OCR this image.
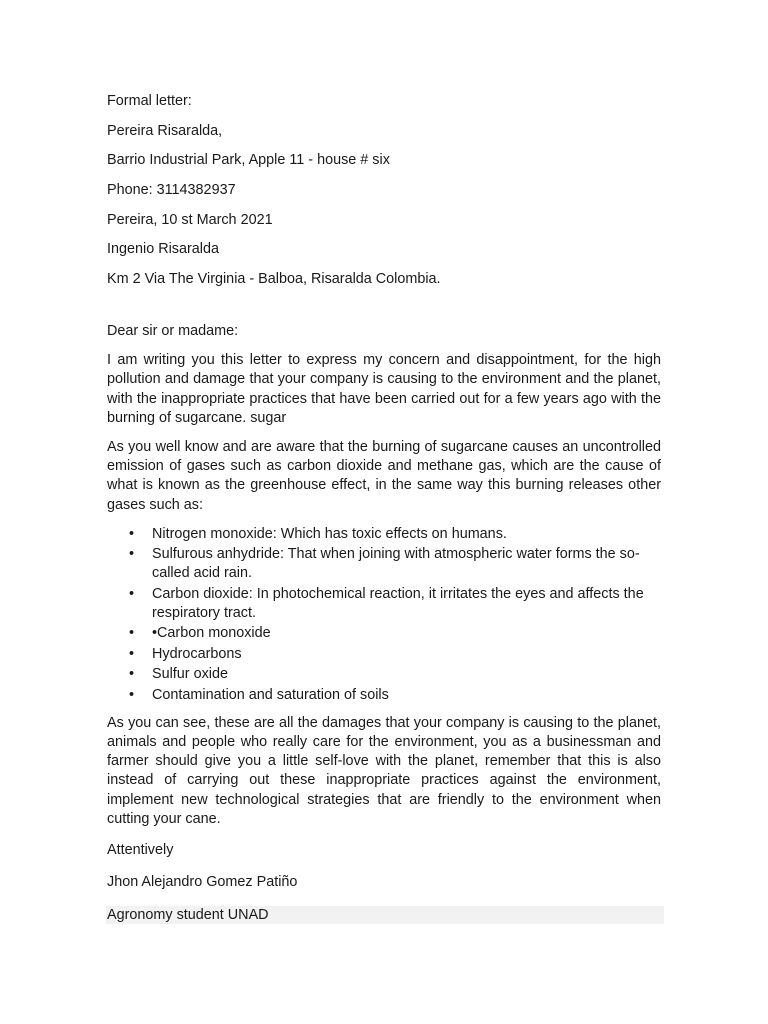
Formal letter:

Pereira Risaralda,

Barrio Industrial Park, Apple 11 - house # six

Phone: 3114382937

Pereira, 10 st March 2021

Ingenio Risaralda

Km 2 Via The Virginia - Balboa, Risaralda Colombia.

Dear sir or madame:

I am writing you this letter to express my concern and disappointment, for the high pollution and damage that your company is causing to the environment and the planet, with the inappropriate practices that have been carried out for a few years ago with the burning of sugarcane. sugar

As you well know and are aware that the burning of sugarcane causes an uncontrolled emission of gases such as carbon dioxide and methane gas, which are the cause of what is known as the greenhouse effect, in the same way this burning releases other gases such as:

• Nitrogen monoxide: Which has toxic effects on humans.
• Sulfurous anhydride: That when joining with atmospheric water forms the so-called acid rain.
• Carbon dioxide: In photochemical reaction, it irritates the eyes and affects the respiratory tract.
• •Carbon monoxide
• Hydrocarbons
• Sulfur oxide
• Contamination and saturation of soils

As you can see, these are all the damages that your company is causing to the planet, animals and people who really care for the environment, you as a businessman and farmer should give you a little self-love with the planet, remember that this is also instead of carrying out these inappropriate practices against the environment, implement new technological strategies that are friendly to the environment when cutting your cane.

Attentively

Jhon Alejandro Gomez Patiño

Agronomy student UNAD
